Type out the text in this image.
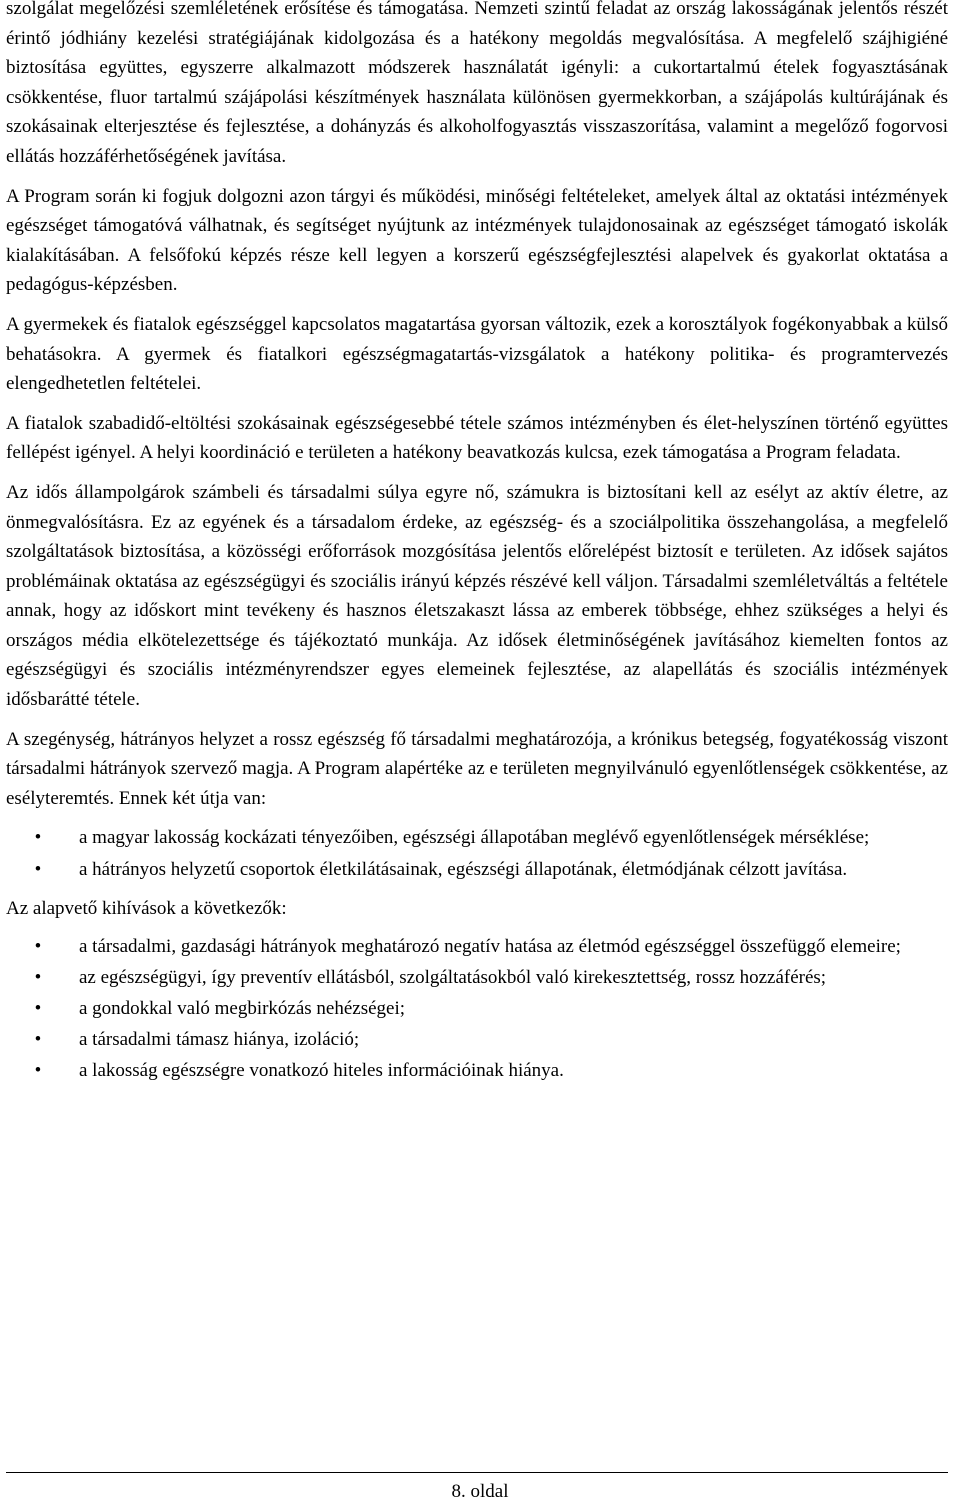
szolgálat megelőzési szemléletének erősítése és támogatása. Nemzeti szintű feladat az ország lakosságának jelentős részét érintő jódhiány kezelési stratégiájának kidolgozása és a hatékony megoldás megvalósítása. A megfelelő szájhigiéné biztosítása együttes, egyszerre alkalmazott módszerek használatát igényli: a cukortartalmú ételek fogyasztásának csökkentése, fluor tartalmú szájápolási készítmények használata különösen gyermekkorban, a szájápolás kultúrájának és szokásainak elterjesztése és fejlesztése, a dohányzás és alkoholfogyasztás visszaszorítása, valamint a megelőző fogorvosi ellátás hozzáférhetőségének javítása.

A Program során ki fogjuk dolgozni azon tárgyi és működési, minőségi feltételeket, amelyek által az oktatási intézmények egészséget támogatóvá válhatnak, és segítséget nyújtunk az intézmények tulajdonosainak az egészséget támogató iskolák kialakításában. A felsőfokú képzés része kell legyen a korszerű egészségfejlesztési alapelvek és gyakorlat oktatása a pedagógus-képzésben.

A gyermekek és fiatalok egészséggel kapcsolatos magatartása gyorsan változik, ezek a korosztályok fogékonyabbak a külső behatásokra. A gyermek és fiatalkori egészségmagatartás-vizsgálatok a hatékony politika- és programtervezés elengedhetetlen feltételei.

A fiatalok szabadidő-eltöltési szokásainak egészségesebbé tétele számos intézményben és élet-helyszínen történő együttes fellépést igényel. A helyi koordináció e területen a hatékony beavatkozás kulcsa, ezek támogatása a Program feladata.

Az idős állampolgárok számbeli és társadalmi súlya egyre nő, számukra is biztosítani kell az esélyt az aktív életre, az önmegvalósításra. Ez az egyének és a társadalom érdeke, az egészség- és a szociálpolitika összehangolása, a megfelelő szolgáltatások biztosítása, a közösségi erőforrások mozgósítása jelentős előrelépést biztosít e területen. Az idősek sajátos problémáinak oktatása az egészségügyi és szociális irányú képzés részévé kell váljon. Társadalmi szemléletváltás a feltétele annak, hogy az időskort mint tevékeny és hasznos életszakaszt lássa az emberek többsége, ehhez szükséges a helyi és országos média elkötelezettsége és tájékoztató munkája. Az idősek életminőségének javításához kiemelten fontos az egészségügyi és szociális intézményrendszer egyes elemeinek fejlesztése, az alapellátás és szociális intézmények idősbarátté tétele.

A szegénység, hátrányos helyzet a rossz egészség fő társadalmi meghatározója, a krónikus betegség, fogyatékosság viszont társadalmi hátrányok szervező magja. A Program alapértéke az e területen megnyilvánuló egyenlőtlenségek csökkentése, az esélyteremtés. Ennek két útja van:

•	a magyar lakosság kockázati tényezőiben, egészségi állapotában meglévő egyenlőtlenségek mérséklése;
•	a hátrányos helyzetű csoportok életkilátásainak, egészségi állapotának, életmódjának célzott javítása.

Az alapvető kihívások a következők:

•	a társadalmi, gazdasági hátrányok meghatározó negatív hatása az életmód egészséggel összefüggő elemeire;
•	az egészségügyi, így preventív ellátásból, szolgáltatásokból való kirekesztettség, rossz hozzáférés;
•	a gondokkal való megbirkózás nehézségei;
•	a társadalmi támasz hiánya, izoláció;
•	a lakosság egészségre vonatkozó hiteles információinak hiánya.
8. oldal
